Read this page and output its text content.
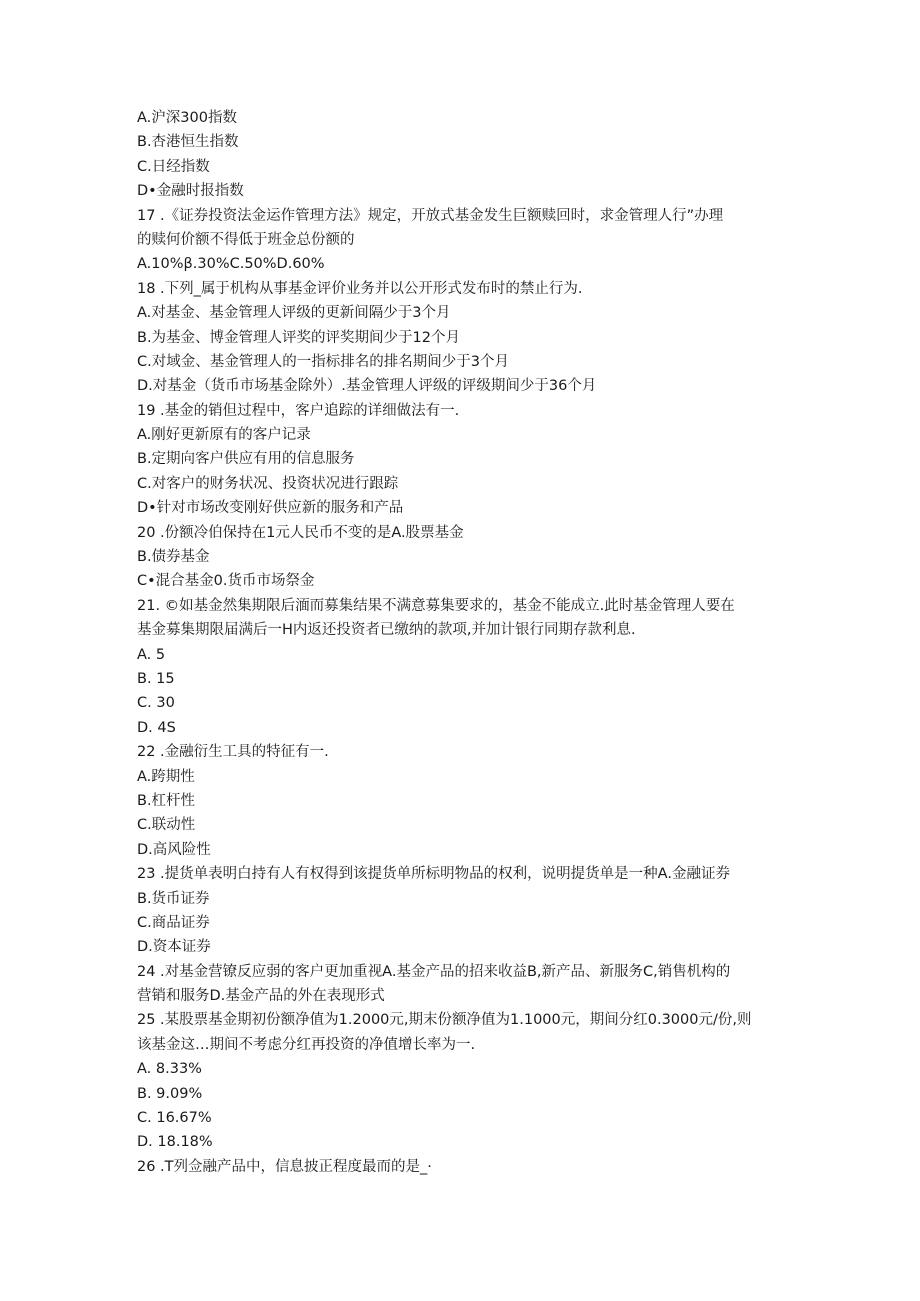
A.沪深300指数
B.杏港恒生指数
C.日经指数
D•金融时报指数
17 .《证券投资法金运作管理方法》规定，开放式基金发生巨额赎回时，求金管理人行”办理
的赎何价额不得低于班金总份额的
A.10%β.30%C.50%D.60%
18 .下列_属于机构从事基金评价业务并以公开形式发布时的禁止行为.
A.对基金、基金管理人评级的更新间隔少于3个月
B.为基金、博金管理人评奖的评奖期间少于12个月
C.对域金、基金管理人的一指标排名的排名期间少于3个月
D.对基金（货币市场基金除外）.基金管理人评级的评级期间少于36个月
19 .基金的销但过程中，客户追踪的详细做法有一.
A.刚好更新原有的客户记录
B.定期向客户供应有用的信息服务
C.对客户的财务状况、投资状况进行跟踪
D•针对市场改变刚好供应新的服务和产品
20 .份额冷伯保持在1元人民币不变的是A.股票基金
B.债券基金
C•混合基金0.货币市场祭金
21. ©如基金然集期限后湎而募集结果不满意募集要求的，基金不能成立.此时基金管理人要在
基金募集期限届满后一H内返还投资者已缴纳的款项,并加计银行同期存款利息.
A. 5
B. 15
C. 30
D. 4S
22 .金融衍生工具的特征有一.
A.跨期性
B.杠杆性
C.联动性
D.高风险性
23 .提货单表明白持有人有权得到该提货单所标明物品的权利，说明提货单是一种A.金融证券
B.货币证券
C.商品证券
D.资本证券
24 .对基金营镣反应弱的客户更加重视A.基金产品的招来收益B,新产品、新服务C,销售机构的
营销和服务D.基金产品的外在表现形式
25 .某股票基金期初份额净值为1.2000元,期末份额净值为1.1000元，期间分红0.3000元/份,则
该基金这…期间不考虑分红再投资的净值增长率为一.
A. 8.33%
B. 9.09%
C. 16.67%
D. 18.18%
26 .T列佥融产品中，信息披正程度最而的是_·
